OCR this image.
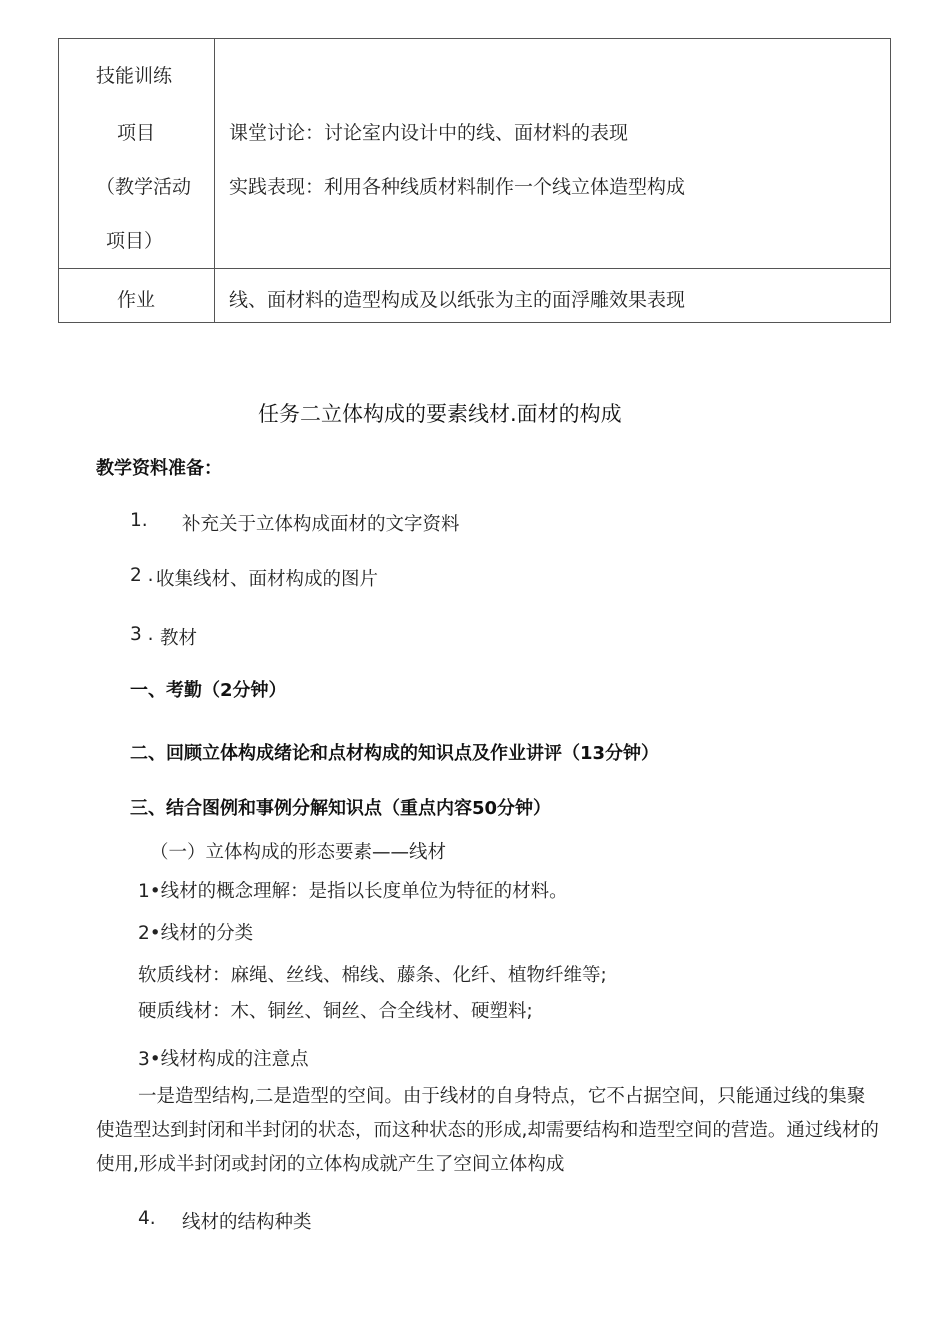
技能训练
项目
（教学活动
项目）
课堂讨论：讨论室内设计中的线、面材料的表现
实践表现：利用各种线质材料制作一个线立体造型构成
作业	线、面材料的造型构成及以纸张为主的面浮雕效果表现
任务二立体构成的要素线材.面材的构成
教学资料准备：
1. 补充关于立体构成面材的文字资料
2 . 收集线材、面材构成的图片
3 . 教材
一、考勤（2分钟）
二、回顾立体构成绪论和点材构成的知识点及作业讲评（13分钟）
三、结合图例和事例分解知识点（重点内容50分钟）
（一）立体构成的形态要素——线材
1•线材的概念理解：是指以长度单位为特征的材料。
2•线材的分类
软质线材：麻绳、丝线、棉线、藤条、化纤、植物纤维等;
硬质线材：木、铜丝、铜丝、合全线材、硬塑料;
3•线材构成的注意点
一是造型结构,二是造型的空间。由于线材的自身特点，它不占据空间，只能通过线的集聚使造型达到封闭和半封闭的状态，而这种状态的形成,却需要结构和造型空间的营造。通过线材的使用,形成半封闭或封闭的立体构成就产生了空间立体构成
4. 线材的结构种类
